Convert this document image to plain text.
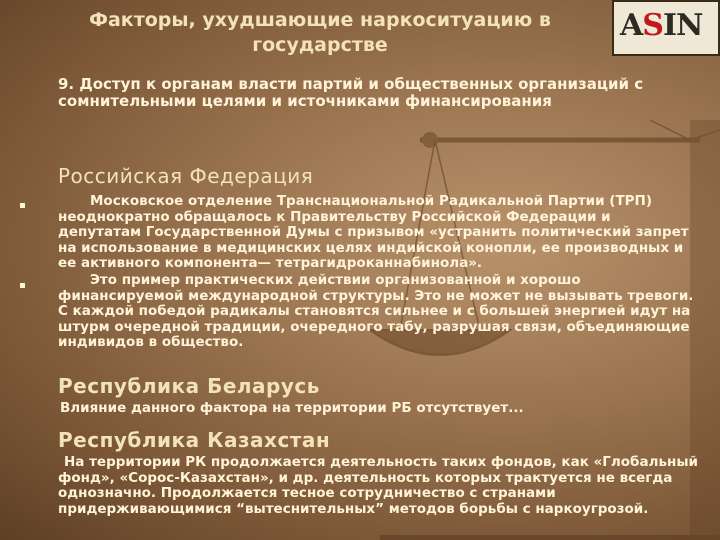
Факторы, ухудшающие наркоситуацию в государстве
ASIN
9. Доступ к органам власти партий и общественных организаций с сомнительными целями и источниками финансирования
Российская Федерация
Московское отделение Транснациональной Радикальной Партии (ТРП) неоднократно обращалось к Правительству Российской Федерации и депутатам Государственной Думы с призывом «устранить политический запрет на использование в медицинских целях индийской конопли, ее производных и ее активного компонента— тетрагидроканнабинола».
Это пример практических действии организованной и хорошо финансируемой международной структуры. Это не может не вызывать тревоги. С каждой победой радикалы становятся сильнее и с большей энергией идут на штурм очередной традиции, очередного табу, разрушая связи, объединяющие индивидов в общество.
Республика Беларусь
Влияние данного фактора на территории РБ отсутствует...
Республика Казахстан
На территории РК продолжается деятельность таких фондов, как «Глобальный фонд», «Сорос-Казахстан», и др. деятельность которых трактуется не всегда однозначно. Продолжается тесное сотрудничество с странами придерживающимися “вытеснительных” методов борьбы с наркоугрозой.
